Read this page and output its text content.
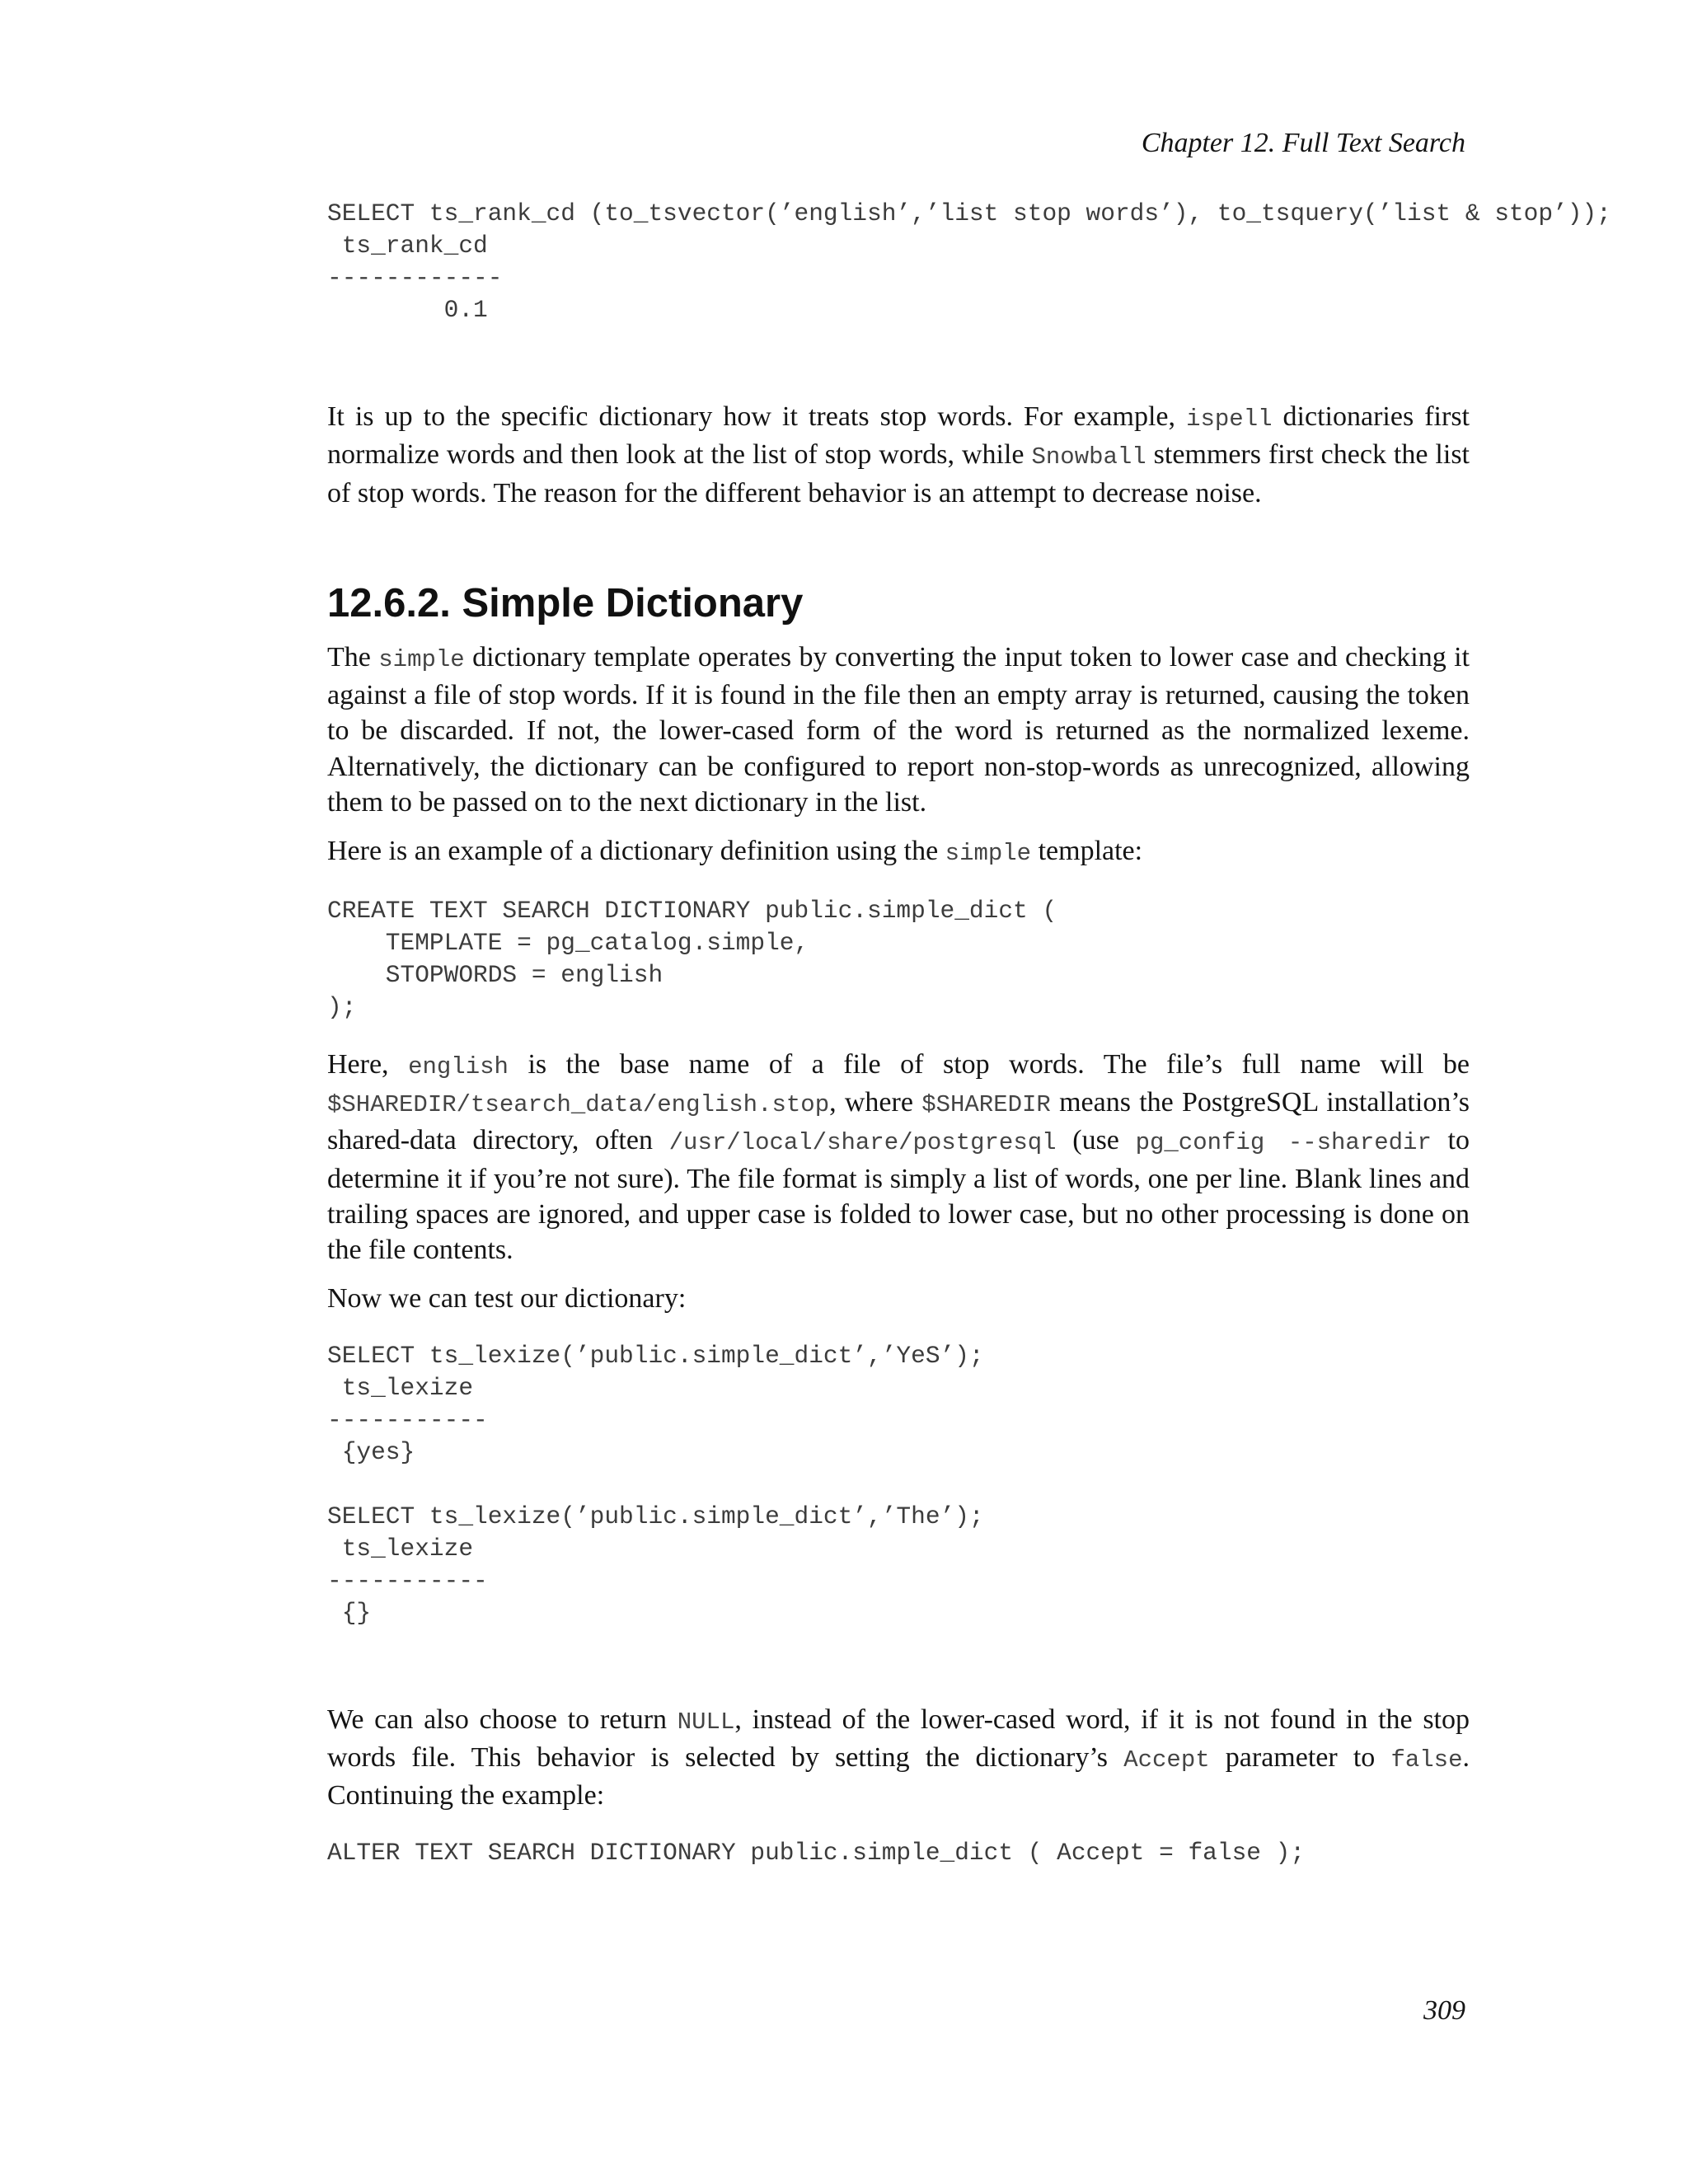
Chapter 12. Full Text Search
SELECT ts_rank_cd (to_tsvector(’english’,’list stop words’), to_tsquery(’list & stop’));
ts_rank_cd
------------
0.1

It is up to the specific dictionary how it treats stop words. For example, ispell dictionaries first normalize words and then look at the list of stop words, while Snowball stemmers first check the list of stop words. The reason for the different behavior is an attempt to decrease noise.

12.6.2. Simple Dictionary

The simple dictionary template operates by converting the input token to lower case and checking it against a file of stop words. If it is found in the file then an empty array is returned, causing the token to be discarded. If not, the lower-cased form of the word is returned as the normalized lexeme. Alternatively, the dictionary can be configured to report non-stop-words as unrecognized, allowing them to be passed on to the next dictionary in the list.

Here is an example of a dictionary definition using the simple template:

CREATE TEXT SEARCH DICTIONARY public.simple_dict (
TEMPLATE = pg_catalog.simple,
STOPWORDS = english
);

Here, english is the base name of a file of stop words. The file’s full name will be $SHAREDIR/tsearch_data/english.stop, where $SHAREDIR means the PostgreSQL installation’s shared-data directory, often /usr/local/share/postgresql (use pg_config --sharedir to determine it if you’re not sure). The file format is simply a list of words, one per line. Blank lines and trailing spaces are ignored, and upper case is folded to lower case, but no other processing is done on the file contents.

Now we can test our dictionary:

SELECT ts_lexize(’public.simple_dict’,’YeS’);
ts_lexize
-----------
{yes}

SELECT ts_lexize(’public.simple_dict’,’The’);
ts_lexize
-----------
{}

We can also choose to return NULL, instead of the lower-cased word, if it is not found in the stop words file. This behavior is selected by setting the dictionary’s Accept parameter to false. Continuing the example:

ALTER TEXT SEARCH DICTIONARY public.simple_dict ( Accept = false );
309
